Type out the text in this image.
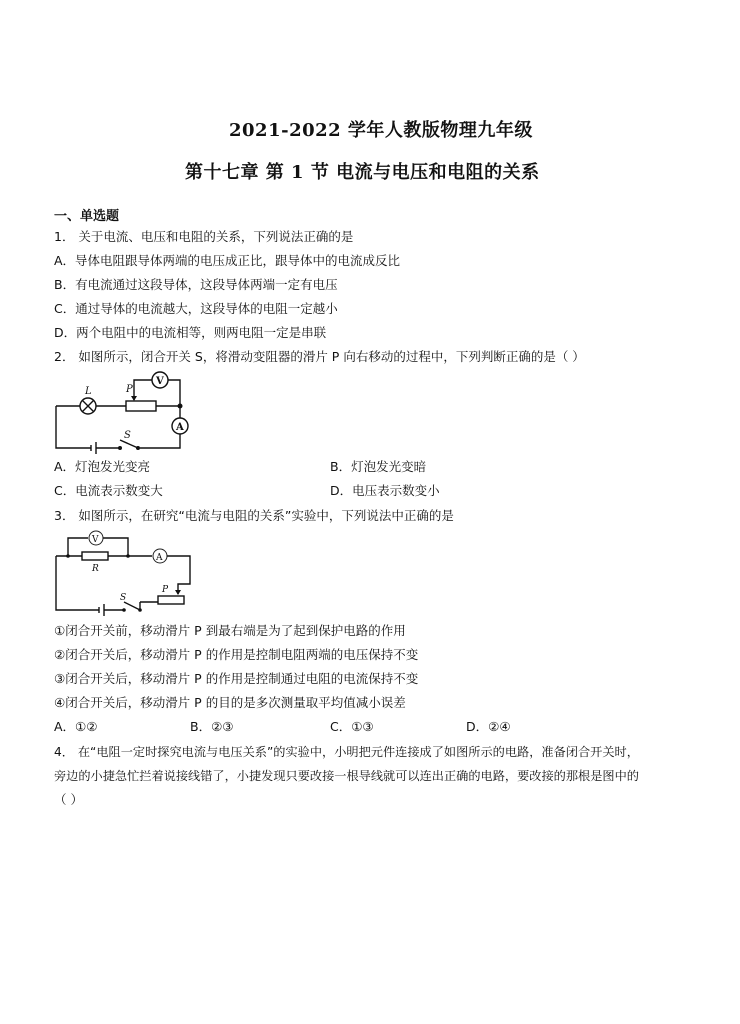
2021-2022 学年人教版物理九年级
第十七章 第 1 节 电流与电压和电阻的关系
一、单选题
1． 关于电流、电压和电阻的关系，下列说法正确的是
A．导体电阻跟导体两端的电压成正比，跟导体中的电流成反比
B．有电流通过这段导体，这段导体两端一定有电压
C．通过导体的电流越大，这段导体的电阻一定越小
D．两个电阻中的电流相等，则两电阻一定是串联
2． 如图所示，闭合开关 S，将滑动变阻器的滑片 P 向右移动的过程中，下列判断正确的是（ ）
L	P
V
A
S
A．灯泡发光变亮	B．灯泡发光变暗
C．电流表示数变大	D．电压表示数变小
3． 如图所示，在研究“电流与电阻的关系”实验中，下列说法中正确的是
V
R
A
P
S
①闭合开关前，移动滑片 P 到最右端是为了起到保护电路的作用
②闭合开关后，移动滑片 P 的作用是控制电阻两端的电压保持不变
③闭合开关后，移动滑片 P 的作用是控制通过电阻的电流保持不变
④闭合开关后，移动滑片 P 的目的是多次测量取平均值减小误差
A．①②	B．②③	C．①③	D．②④
4． 在“电阻一定时探究电流与电压关系”的实验中，小明把元件连接成了如图所示的电路，准备闭合开关时，
旁边的小捷急忙拦着说接线错了，小捷发现只要改接一根导线就可以连出正确的电路，要改接的那根是图中的
（ ）
